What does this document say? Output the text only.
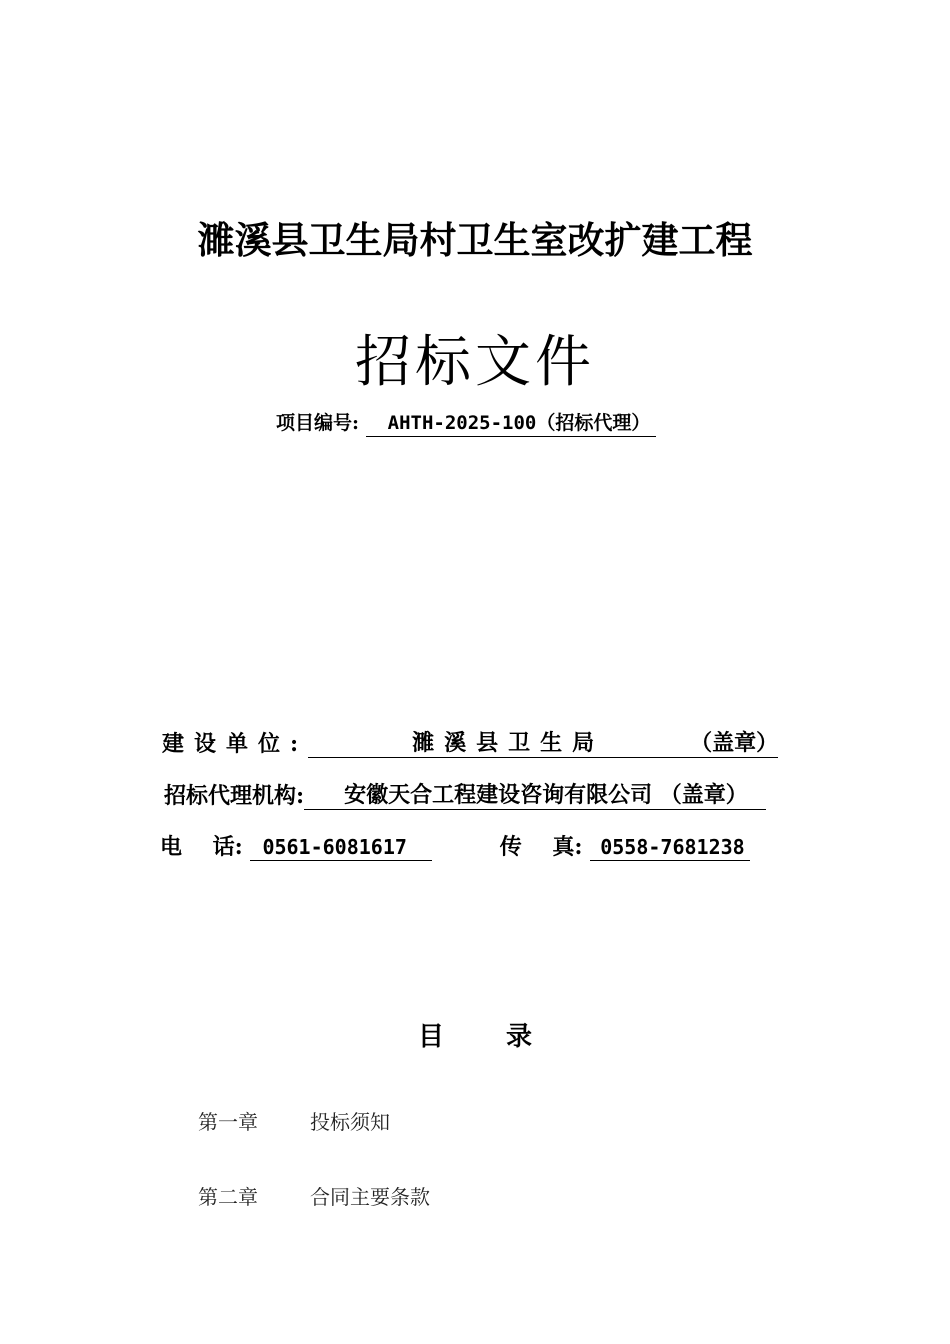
濉溪县卫生局村卫生室改扩建工程
招标文件
项目编号: AHTH-2025-100（招标代理）
建设单位:	濉溪县卫生局	（盖章）
招标代理机构: 安徽天合工程建设咨询有限公司 （盖章）
电    话: 0561-6081617	传    真: 0558-7681238
目 录
第一章	投标须知
第二章	合同主要条款
